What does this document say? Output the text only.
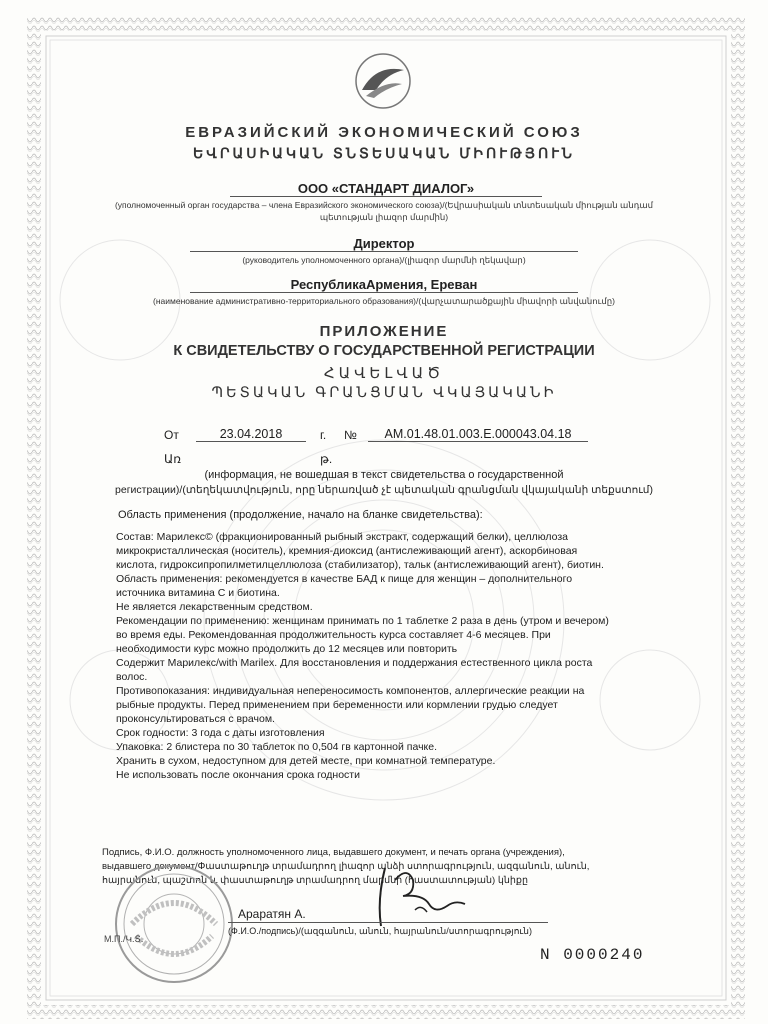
ЕВРАЗИЙСКИЙ ЭКОНОМИЧЕСКИЙ СОЮЗ
ԵՎՐԱՍԻԱԿԱՆ ՏՆՏԵՍԱԿԱՆ ՄԻՈՒԹՅՈՒՆ
ООО «СТАНДАРТ ДИАЛОГ»
(уполномоченный орган государства – члена Евразийского экономического союза)/(Եվրասիական տնտեսական միության անդամ
պետության լիազոր մարմին)
Директор
(руководитель уполномоченного органа)/(լիազոր մարմնի ղեկավար)
РеспубликаАрмения, Ереван
(наименование административно-территориального образования)/(վարչատարածքային միավորի անվանումը)
ПРИЛОЖЕНИЕ
К СВИДЕТЕЛЬСТВУ О ГОСУДАРСТВЕННОЙ РЕГИСТРАЦИИ
ՀԱՎԵԼՎԱԾ
ՊԵՏԱԿԱՆ ԳՐԱՆՑՄԱՆ ՎԿԱՅԱԿԱՆԻ
От
Առ
23.04.2018	г.
թ.
№	AM.01.48.01.003.E.000043.04.18
(информация, не вошедшая в текст свидетельства о государственной
регистрации)/(տեղեկատվություն, որը ներառված չէ պետական գրանցման վկայականի տեքստում)
Область применения (продолжение, начало на бланке свидетельства):
Состав: Марилекс© (фракционированный рыбный экстракт, содержащий белки), целлюлоза
микрокристаллическая (носитель), кремния-диоксид (антислеживающий агент), аскорбиновая
кислота, гидроксипропилметилцеллюлоза (стабилизатор), тальк (антислеживающий агент), биотин.
Область применения: рекомендуется в качестве БАД к пище для женщин – дополнительного
источника витамина С и биотина.
Не является лекарственным средством.
Рекомендации по применению: женщинам принимать по 1 таблетке 2 раза в день (утром и вечером)
во время еды. Рекомендованная продолжительность курса составляет 4-6 месяцев. При
необходимости курс можно продолжить до 12 месяцев или повторить
Содержит Марилекс/with Marilex. Для восстановления и поддержания естественного цикла роста
волос.
Противопоказания: индивидуальная непереносимость компонентов, аллергические реакции на
рыбные продукты. Перед применением при беременности или кормлении грудью следует
проконсультироваться с врачом.
Срок годности: 3 года с даты изготовления
Упаковка: 2 блистера по 30 таблеток по 0,504 гв картонной пачке.
Хранить в сухом, недоступном для детей месте, при комнатной температуре.
Не использовать после окончания срока годности
Подпись, Ф.И.О. должность уполномоченного лица, выдавшего документ, и печать органа (учреждения),
выдавшего документ/Փաստաթուղթ տրամադրող լիազոր անձի ստորագրություն, ազգանուն, անուն,
հայրանուն, պաշտոն և փաստաթուղթ տրամադրող մարմնի (հաստատության) կնիքը
Араратян А.
(Ф.И.О./подпись)/(ազգանուն, անուն, հայրանուն/ստորագրություն)
М.П./Կ.Տ.
N 0000240
